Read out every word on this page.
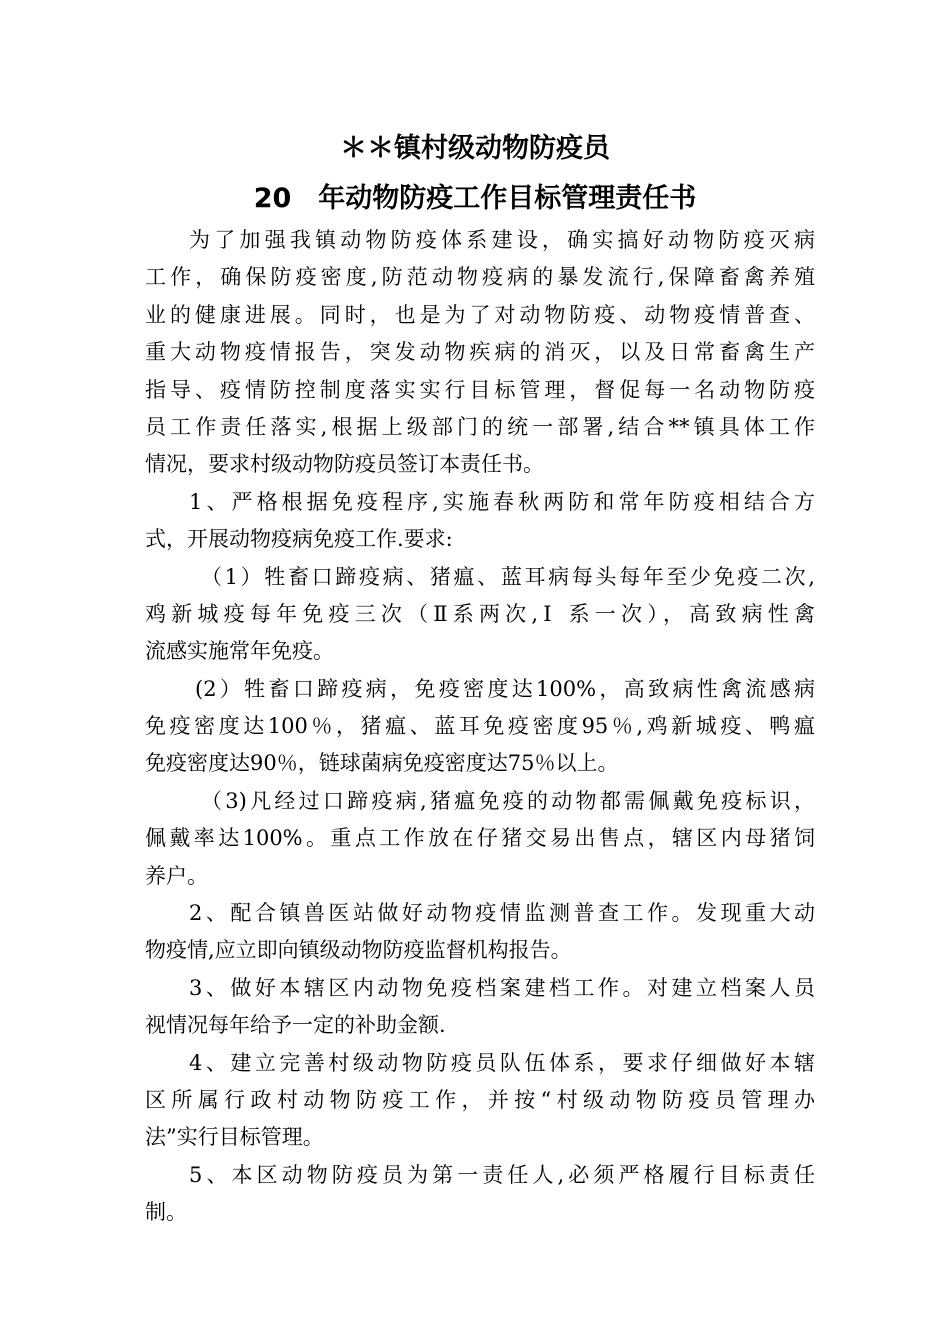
＊＊镇村级动物防疫员
20　年动物防疫工作目标管理责任书
为了加强我镇动物防疫体系建设，确实搞好动物防疫灭病
工作，确保防疫密度,防范动物疫病的暴发流行,保障畜禽养殖
业的健康进展。同时，也是为了对动物防疫、动物疫情普查、
重大动物疫情报告，突发动物疾病的消灭，以及日常畜禽生产
指导、疫情防控制度落实实行目标管理，督促每一名动物防疫
员工作责任落实,根据上级部门的统一部署,结合**镇具体工作
情况，要求村级动物防疫员签订本责任书。
1、严格根据免疫程序,实施春秋两防和常年防疫相结合方
式，开展动物疫病免疫工作.要求:
（1）牲畜口蹄疫病、猪瘟、蓝耳病每头每年至少免疫二次,
鸡新城疫每年免疫三次（Ⅱ系两次,Ⅰ 系一次），高致病性禽
流感实施常年免疫。
(2）牲畜口蹄疫病，免疫密度达100%，高致病性禽流感病
免疫密度达100％，猪瘟、蓝耳免疫密度95％,鸡新城疫、鸭瘟
免疫密度达90％，链球菌病免疫密度达75％以上。
（3)凡经过口蹄疫病,猪瘟免疫的动物都需佩戴免疫标识，
佩戴率达100%。重点工作放在仔猪交易出售点，辖区内母猪饲
养户。
2、配合镇兽医站做好动物疫情监测普查工作。发现重大动
物疫情,应立即向镇级动物防疫监督机构报告。
3、做好本辖区内动物免疫档案建档工作。对建立档案人员
视情况每年给予一定的补助金额.
4、建立完善村级动物防疫员队伍体系，要求仔细做好本辖
区所属行政村动物防疫工作，并按“村级动物防疫员管理办
法”实行目标管理。
5、本区动物防疫员为第一责任人,必须严格履行目标责任
制。
